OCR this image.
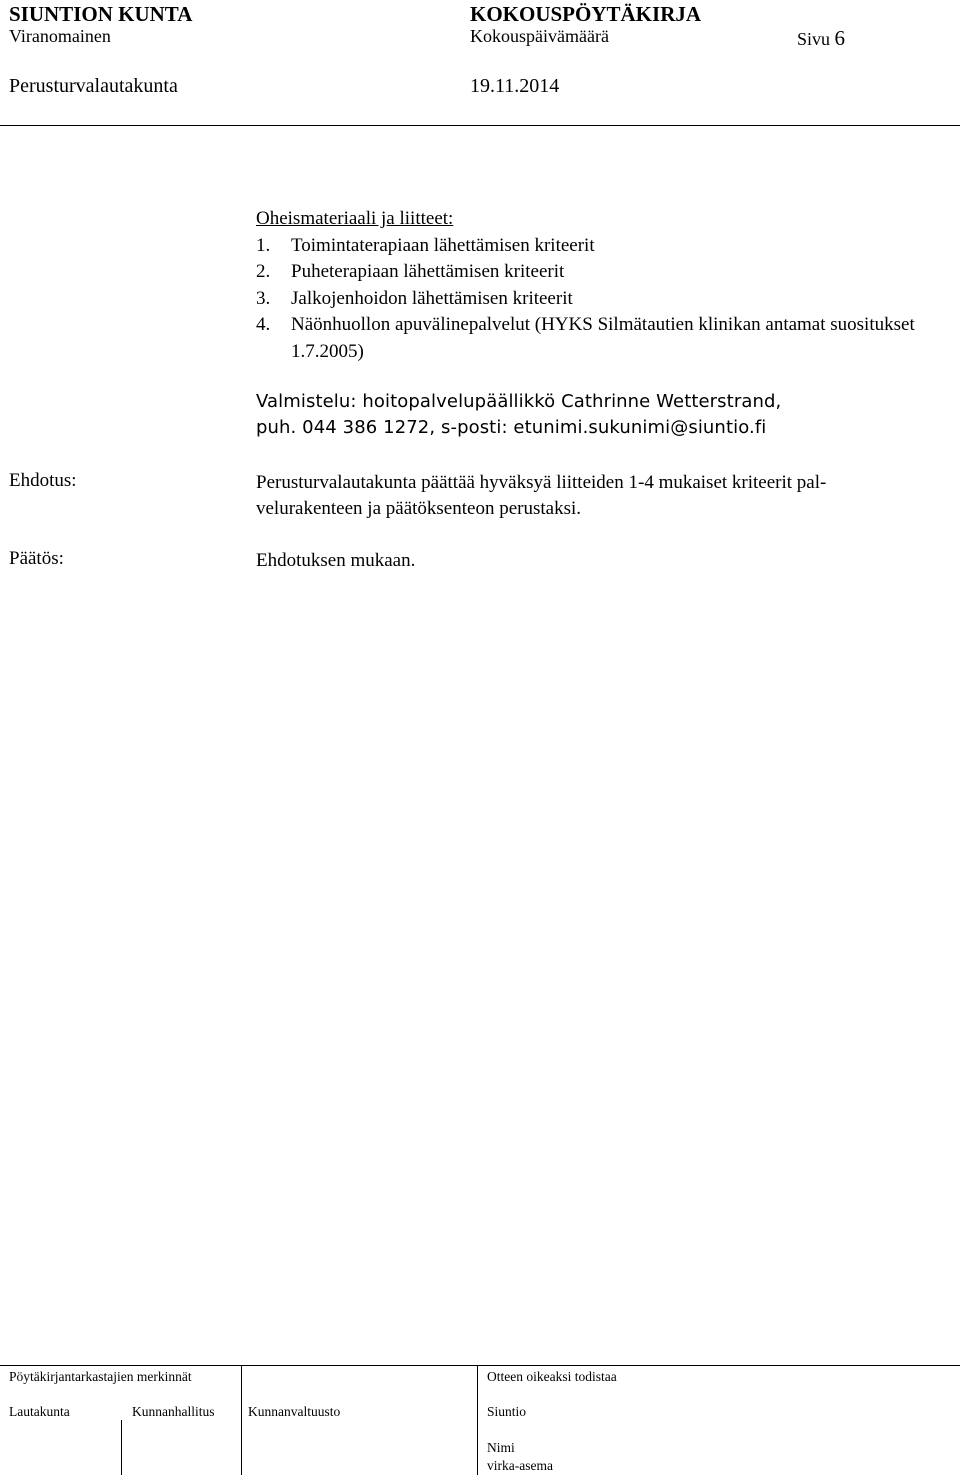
SIUNTION KUNTA	KOKOUSPÖYTÄKIRJA
Viranomainen	Kokouspäivämäärä	Sivu 6
Perusturvalautakunta	19.11.2014
Oheismateriaali ja liitteet:
1.	Toimintaterapiaan lähettämisen kriteerit
2.	Puheterapiaan lähettämisen kriteerit
3.	Jalkojenhoidon lähettämisen kriteerit
4.	Näönhuollon apuvälinepalvelut (HYKS Silmätautien klinikan antamat suositukset 1.7.2005)
Valmistelu: hoitopalvelupäällikkö Cathrinne Wetterstrand,
puh. 044 386 1272, s-posti: etunimi.sukunimi@siuntio.fi
Ehdotus:	Perusturvalautakunta päättää hyväksyä liitteiden 1-4 mukaiset kriteerit pal-
velurakenteen ja päätöksenteon perustaksi.
Päätös:	Ehdotuksen mukaan.
Pöytäkirjantarkastajien merkinnät	Otteen oikeaksi todistaa
Lautakunta	Kunnanhallitus Kunnanvaltuusto	Siuntio
Nimi
virka-asema
